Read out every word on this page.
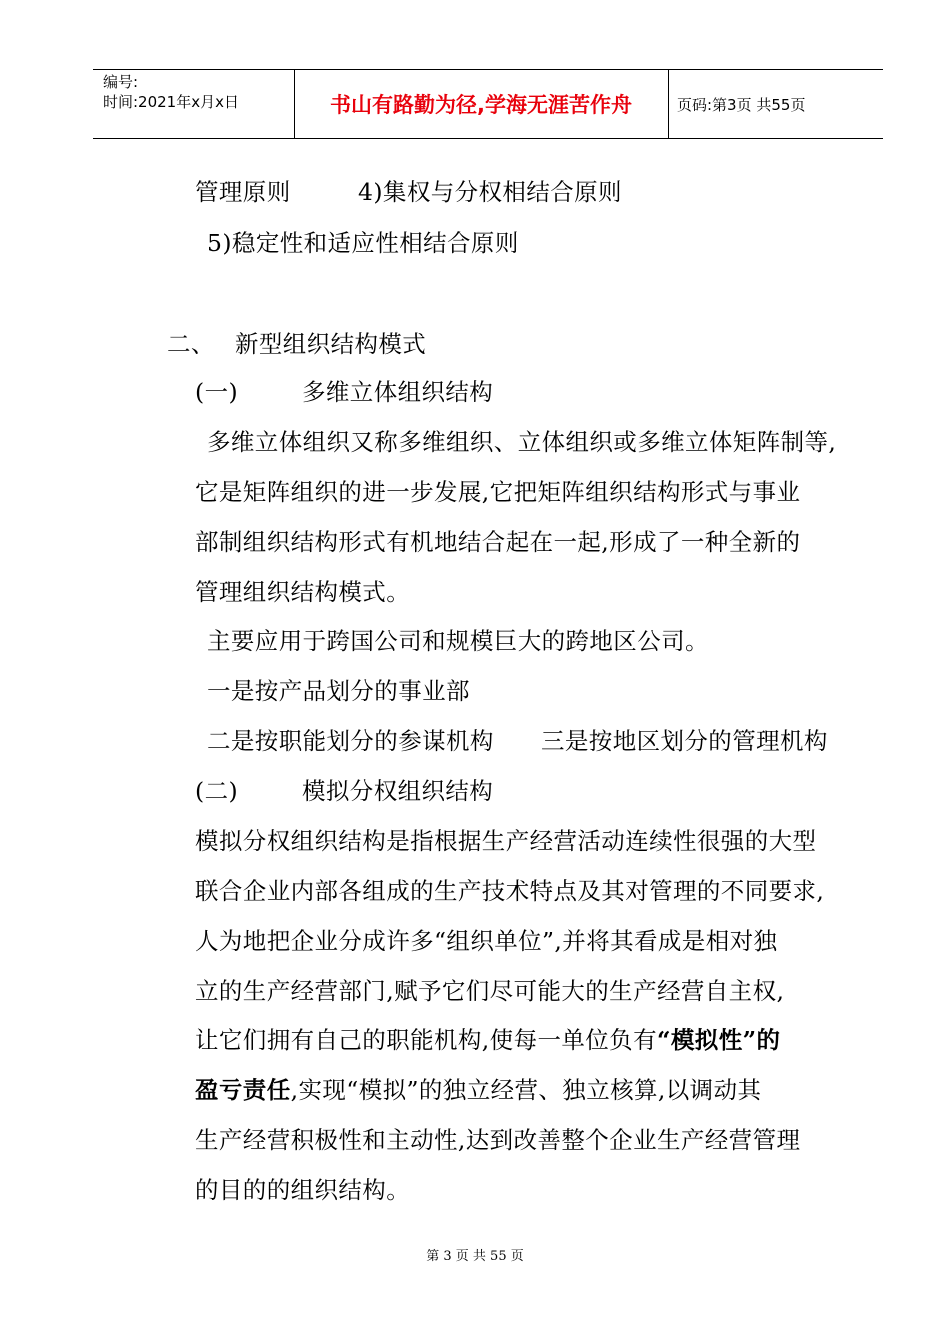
编号:
时间:2021年x月x日	书山有路勤为径,学海无涯苦作舟	页码:第3页 共55页
管理原则	4)集权与分权相结合原则
5)稳定性和适应性相结合原则
二、 新型组织结构模式
(一)	多维立体组织结构
多维立体组织又称多维组织、立体组织或多维立体矩阵制等,
它是矩阵组织的进一步发展,它把矩阵组织结构形式与事业
部制组织结构形式有机地结合起在一起,形成了一种全新的
管理组织结构模式。
主要应用于跨国公司和规模巨大的跨地区公司。
一是按产品划分的事业部
二是按职能划分的参谋机构 三是按地区划分的管理机构
(二)	模拟分权组织结构
模拟分权组织结构是指根据生产经营活动连续性很强的大型
联合企业内部各组成的生产技术特点及其对管理的不同要求,
人为地把企业分成许多“组织单位”,并将其看成是相对独
立的生产经营部门,赋予它们尽可能大的生产经营自主权,
让它们拥有自己的职能机构,使每一单位负有“模拟性”的
盈亏责任,实现“模拟”的独立经营、独立核算,以调动其
生产经营积极性和主动性,达到改善整个企业生产经营管理
的目的的组织结构。
第 3 页 共 55 页
